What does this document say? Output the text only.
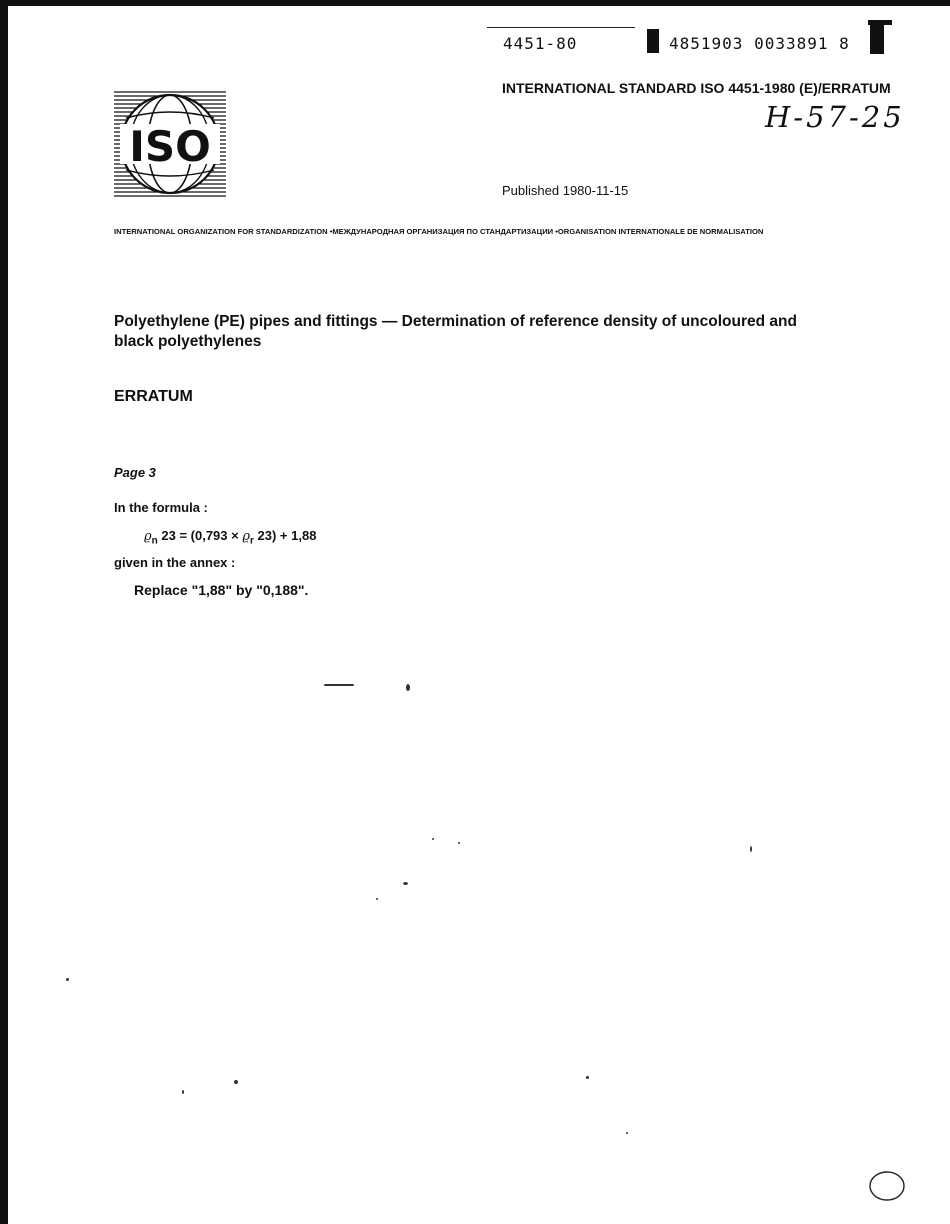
4451-80	4851903 0033891 8
INTERNATIONAL STANDARD ISO 4451-1980 (E)/ERRATUM
H-57-25
ISO
Published 1980-11-15
INTERNATIONAL ORGANIZATION FOR STANDARDIZATION •МЕЖДУНАРОДНАЯ ОРГАНИЗАЦИЯ ПО СТАНДАРТИЗАЦИИ •ORGANISATION INTERNATIONALE DE NORMALISATION
Polyethylene (PE) pipes and fittings — Determination of reference density of uncoloured and
black polyethylenes
ERRATUM
Page 3
In the formula :
$ϱ_n$ $23 = (0,793 \times ϱ_r$ 23) + 1,88
given in the annex :
Replace "1,88" by "0,188".
